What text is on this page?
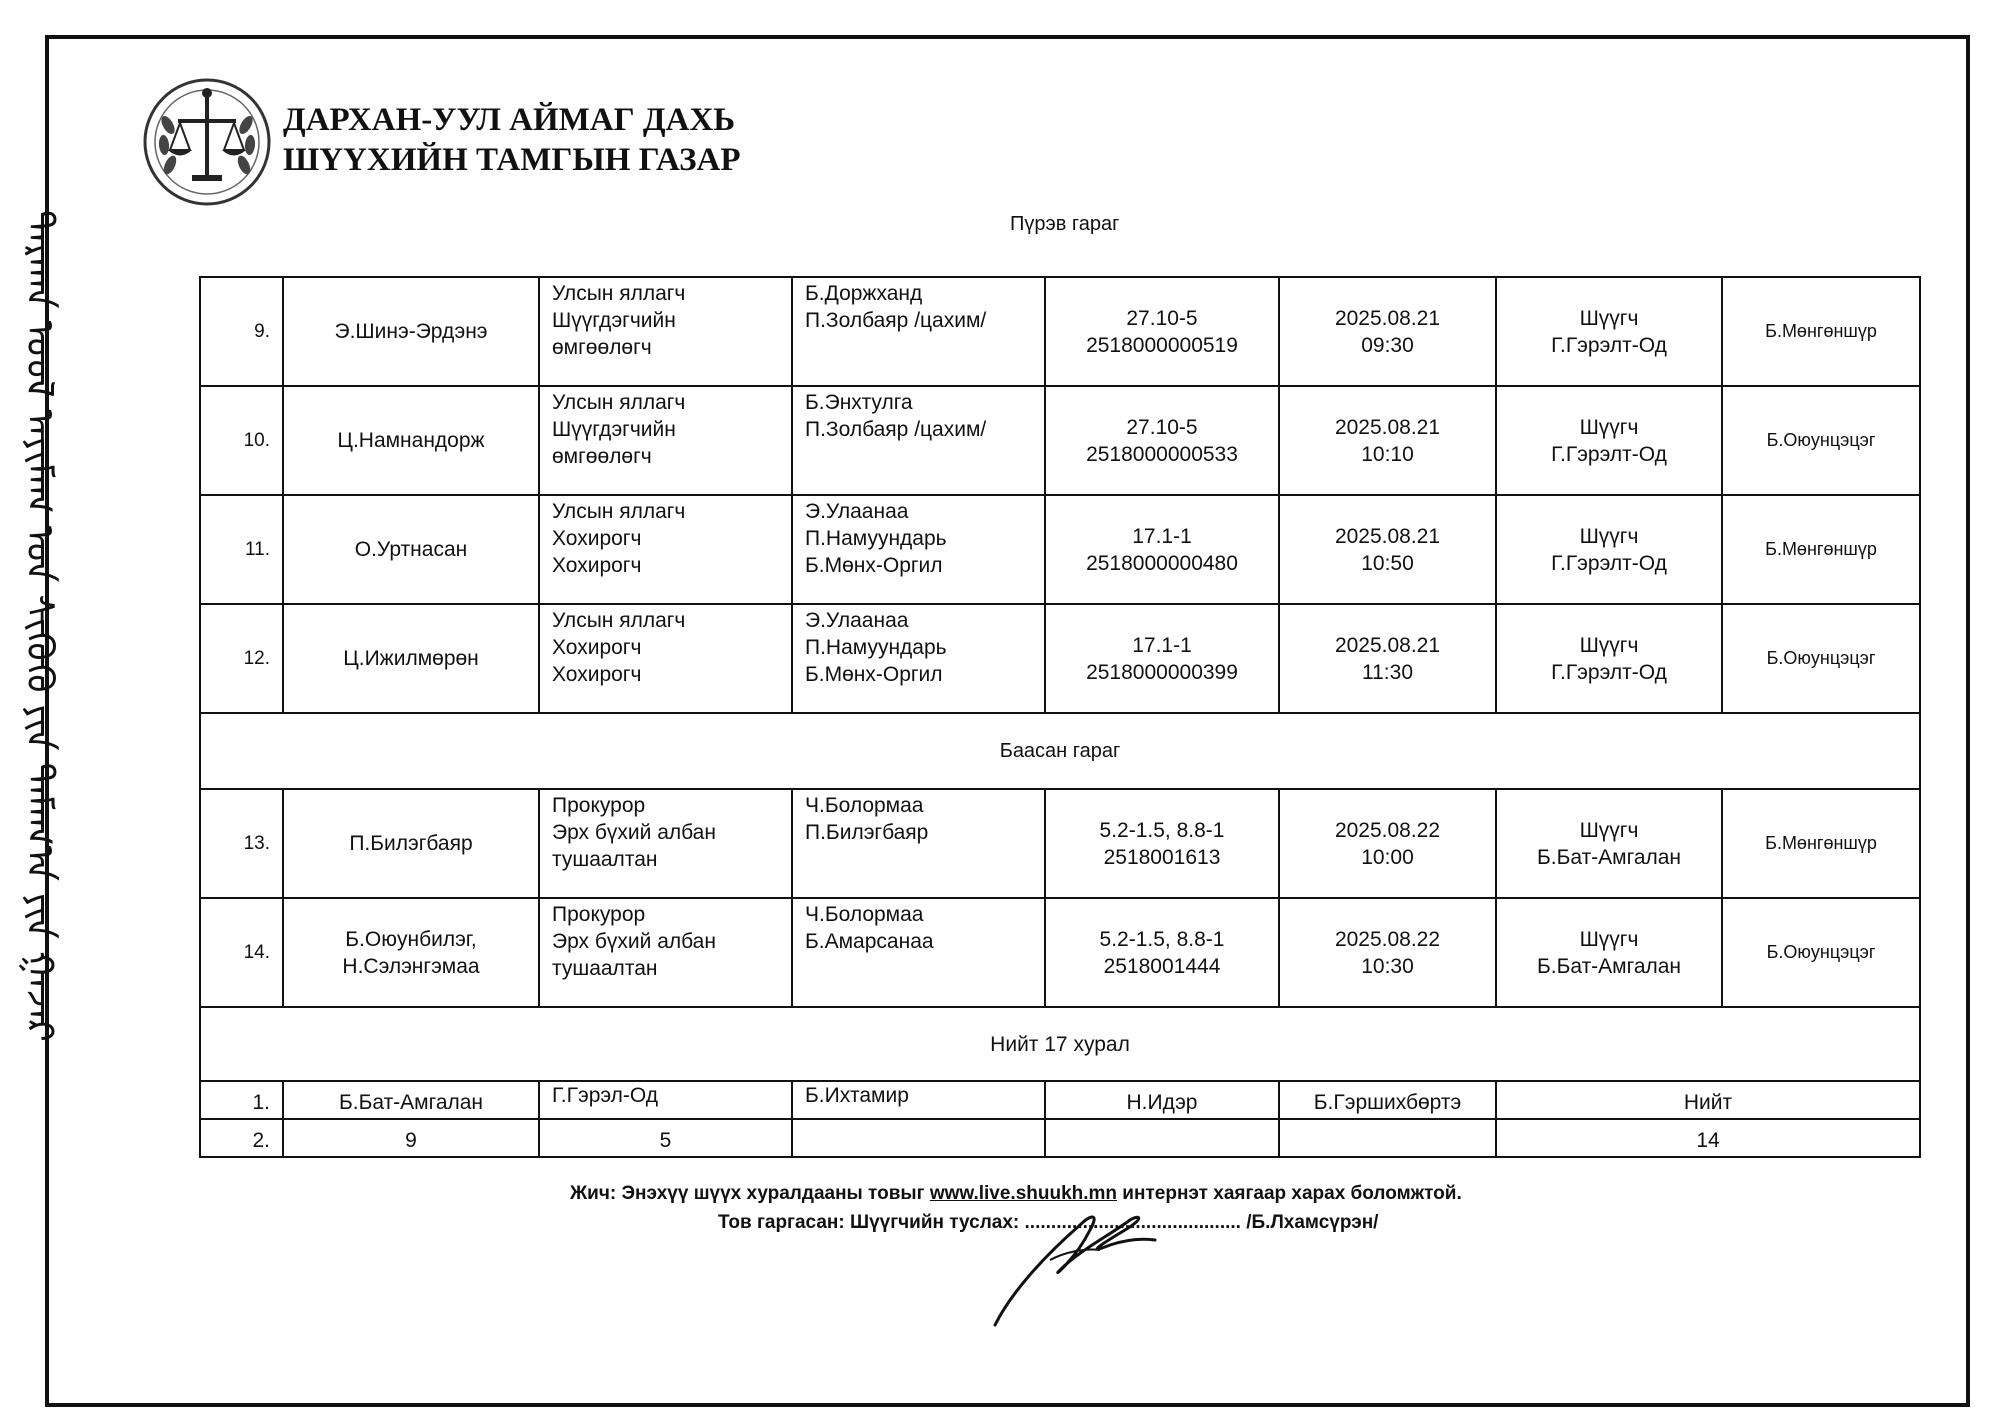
ᠳᠠᠷᠬᠠᠨ ᠤᠤᠯ ᠠᠶᠢᠮᠠᠭ ᠤᠨ ᠰᠢᠭᠦᠬᠦ ᠶᠢᠨ ᠲᠠᠮᠠᠭ᠎ᠠ ᠶᠢᠨ ᠭᠠᠵᠠᠷ
ДАРХАН-УУЛ АЙМАГ ДАХЬ
ШҮҮХИЙН ТАМГЫН ГАЗАР
Пүрэв гараг
9.	Э.Шинэ-Эрдэнэ	Улсын яллагч
Шүүгдэгчийн
өмгөөлөгч	Б.Доржханд
П.Золбаяр /цахим/	27.10-5
2518000000519	2025.08.21
09:30	Шүүгч
Г.Гэрэлт-Од	Б.Мөнгөншүр
10.	Ц.Намнандорж	Улсын яллагч
Шүүгдэгчийн
өмгөөлөгч	Б.Энхтулга
П.Золбаяр /цахим/	27.10-5
2518000000533	2025.08.21
10:10	Шүүгч
Г.Гэрэлт-Од	Б.Оюунцэцэг
11.	О.Уртнасан	Улсын яллагч
Хохирогч
Хохирогч	Э.Улаанаа
П.Намуундарь
Б.Мөнх-Оргил	17.1-1
2518000000480	2025.08.21
10:50	Шүүгч
Г.Гэрэлт-Од	Б.Мөнгөншүр
12.	Ц.Ижилмөрөн	Улсын яллагч
Хохирогч
Хохирогч	Э.Улаанаа
П.Намуундарь
Б.Мөнх-Оргил	17.1-1
2518000000399	2025.08.21
11:30	Шүүгч
Г.Гэрэлт-Од	Б.Оюунцэцэг
Баасан гараг							
13.	П.Билэгбаяр	Прокурор
Эрх бүхий албан
тушаалтан	Ч.Болормаа
П.Билэгбаяр	5.2-1.5, 8.8-1
2518001613	2025.08.22
10:00	Шүүгч
Б.Бат-Амгалан	Б.Мөнгөншүр
14.	Б.Оюунбилэг,
Н.Сэлэнгэмаа	Прокурор
Эрх бүхий албан
тушаалтан	Ч.Болормаа
Б.Амарсанаа	5.2-1.5, 8.8-1
2518001444	2025.08.22
10:30	Шүүгч
Б.Бат-Амгалан	Б.Оюунцэцэг
Нийт 17 хурал							
1.	Б.Бат-Амгалан	Г.Гэрэл-Од	Б.Ихтамир	Н.Идэр	Б.Гэршихбөртэ	Нийт	
2.	9	5				14	
Жич: Энэхүү шүүх хуралдааны товыг www.live.shuukh.mn интернэт хаягаар харах боломжтой.
Тов гаргасан: Шүүгчийн туслах: ......................................... /Б.Лхамсүрэн/
